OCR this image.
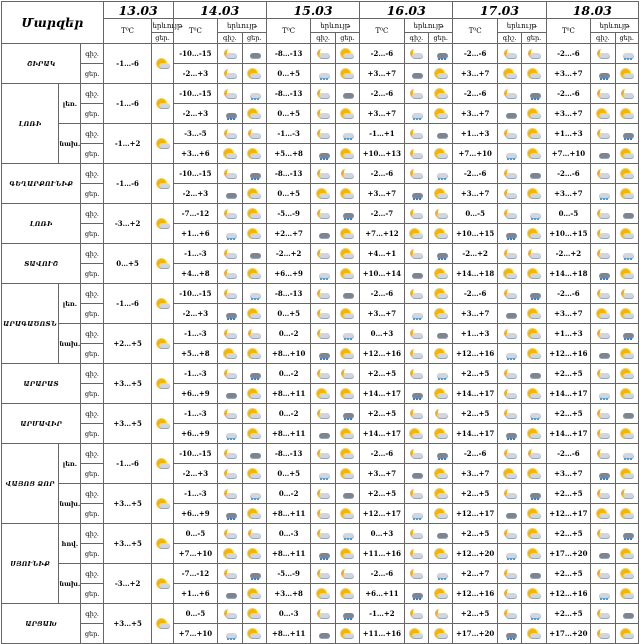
Մարզեր			13.03		14.03			15.03			16.03			17.03			18.03		
			T⁰C	երևույթ	T⁰C	երևույթ		T⁰C	երևույթ		T⁰C	երևույթ		T⁰C	երևույթ		T⁰C	երևույթ	
				ցեր.		գիշ.	ցեր.		գիշ.	ցեր.		գիշ.	ցեր.		գիշ.	ցեր.		գիշ.	ցեր.
ՇԻՐԱԿ		գիշ.	-1…-6		-10…-15			-8…-13			-2…-6			-2…-6			-2…-6	

		ցեր.			-2…+3			0…+5			+3…+7			+3…+7			+3…+7	

ԼՈՌԻ	լեռ.	գիշ.	-1…-6		-10…-15			-8…-13			-2…-6			-2…-6			-2…-6	

		ցեր.			-2…+3			0…+5			+3…+7			+3…+7			+3…+7	

	նախ.	գիշ.	-1…+2		-3…-5			-1…-3			-1…+1			+1…+3			+1…+3	

		ցեր.			+3…+6			+5…+8			+10…+13			+7…+10			+7…+10	

ԳԵՂԱՐՔՈՒՆԻՔ		գիշ.	-1…-6		-10…-15			-8…-13			-2…-6			-2…-6			-2…-6	

		ցեր.			-2…+3			0…+5			+3…+7			+3…+7			+3…+7	

ԼՈՌԻ		գիշ.	-3…+2		-7…-12			-5…-9			-2…-7			0…-5			0…-5	

		ցեր.			+1…+6			+2…+7			+7…+12			+10…+15			+10…+15	

ՏԱՎՈՒՇ		գիշ.	0…+5		-1…-3			-2…+2			+4…+1			-2…+2			-2…+2	

		ցեր.			+4…+8			+6…+9			+10…+14			+14…+18			+14…+18	

ԱՐԱԳԱԾՈՏՆ	լեռ.	գիշ.	-1…-6		-10…-15			-8…-13			-2…-6			-2…-6			-2…-6	

		ցեր.			-2…+3			0…+5			+3…+7			+3…+7			+3…+7	

	նախ.	գիշ.	+2…+5		-1…-3			0…-2			0…+3			+1…+3			+1…+3	

		ցեր.			+5…+8			+8…+10			+12…+16			+12…+16			+12…+16	

ԱՐԱՐԱՏ		գիշ.	+3…+5		-1…-3			0…-2			+2…+5			+2…+5			+2…+5	

		ցեր.			+6…+9			+8…+11			+14…+17			+14…+17			+14…+17	

ԱՐՄԱՎԻՐ		գիշ.	+3…+5		-1…-3			0…-2			+2…+5			+2…+5			+2…+5	

		ցեր.			+6…+9			+8…+11			+14…+17			+14…+17			+14…+17	

ՎԱՅՈՑ ՁՈՐ	լեռ.	գիշ.	-1…-6		-10…-15			-8…-13			-2…-6			-2…-6			-2…-6	

		ցեր.			-2…+3			0…+5			+3…+7			+3…+7			+3…+7	

	նախ.	գիշ.	+3…+5		-1…-3			0…-2			+2…+5			+2…+5			+2…+5	

		ցեր.			+6…+9			+8…+11			+12…+17			+12…+17			+12…+17	

ՍՅՈՒՆԻՔ	հով.	գիշ.	+3…+5		0…-5			0…-3			0…+3			+2…+5			+2…+5	

		ցեր.			+7…+10			+8…+11			+11…+16			+12…+20			+17…+20	

	նախ.	գիշ.	-3…+2		-7…-12			-5…-9			-2…-6			+2…+7			+2…+5	

		ցեր.			+1…+6			+3…+8			+6…+11			+12…+16			+12…+16	

ԱՐՑԱԽ		գիշ.	+3…+5		0…-5			0…-3			-1…+2			+2…+5			+2…+5	

		ցեր.			+7…+10			+8…+11			+11…+16			+17…+20			+17…+20	
